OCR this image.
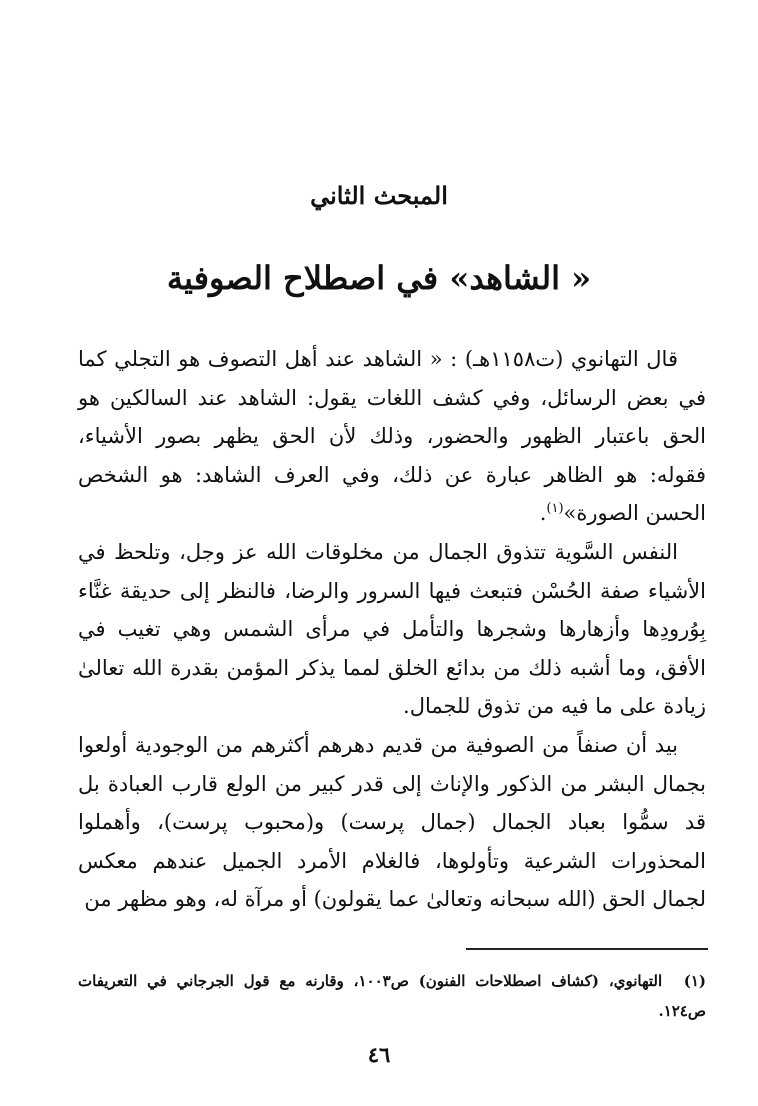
المبحث الثاني
« الشاهد» في اصطلاح الصوفية

قال التهانوي (ت١١٥٨هـ) : « الشاهد عند أهل التصوف هو التجلي كما في بعض الرسائل، وفي كشف اللغات يقول: الشاهد عند السالكين هو الحق باعتبار الظهور والحضور، وذلك لأن الحق يظهر بصور الأشياء، فقوله: هو الظاهر عبارة عن ذلك، وفي العرف الشاهد: هو الشخص الحسن الصورة»$^{(١)}$.

النفس السَّوية تتذوق الجمال من مخلوقات الله عز وجل، وتلحظ في الأشياء صفة الحُسْن فتبعث فيها السرور والرضا، فالنظر إلى حديقة غنَّاء بِوُرودِها وأزهارها وشجرها والتأمل في مرأى الشمس وهي تغيب في الأفق، وما أشبه ذلك من بدائع الخلق لمما يذكر المؤمن بقدرة الله تعالىٰ زيادة على ما فيه من تذوق للجمال.

بيد أن صنفاً من الصوفية من قديم دهرهم أكثرهم من الوجودية أولعوا بجمال البشر من الذكور والإناث إلى قدر كبير من الولع قارب العبادة بل قد سمُّوا بعباد الجمال (جمال پرست) و(محبوب پرست)، وأهملوا المحذورات الشرعية وتأولوها، فالغلام الأمرد الجميل عندهم معكس لجمال الحق (الله سبحانه وتعالىٰ عما يقولون) أو مرآة له، وهو مظهر من

(١) التهانوي، (كشاف اصطلاحات الفنون) ص١٠٠٣، وقارنه مع قول الجرجاني في التعريفات ص١٢٤.
٤٦
